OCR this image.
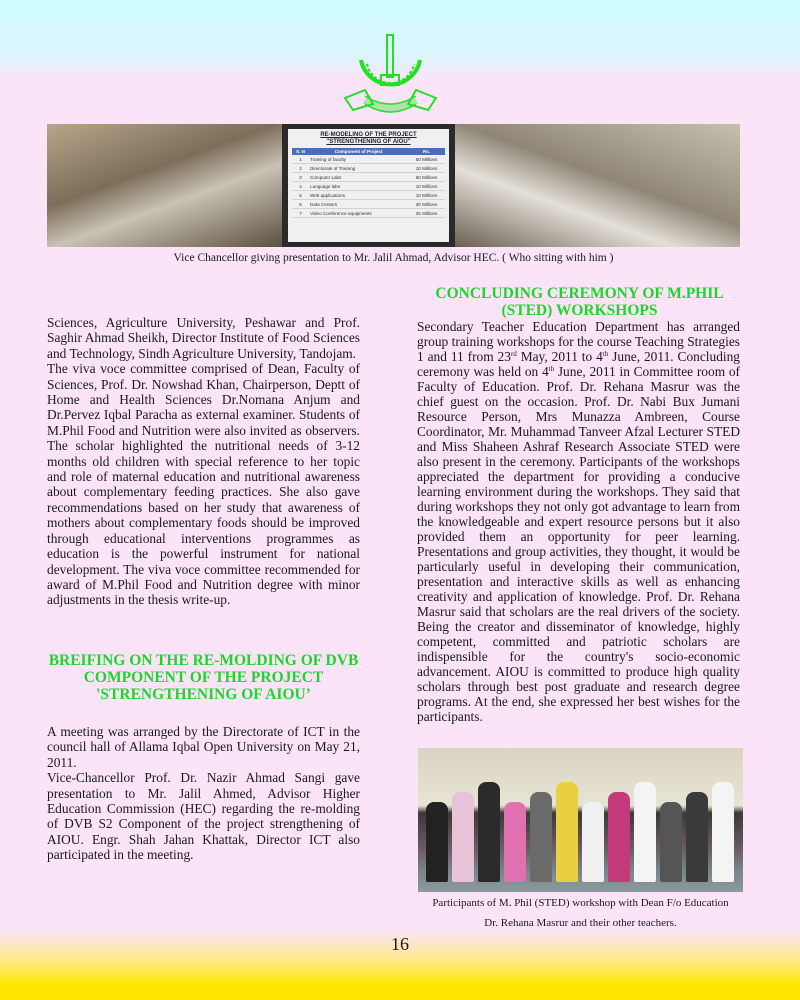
RE-MODELING OF THE PROJECT
"STRENGTHENING OF AIOU"
S. N	Component of Project	Rs.
1	Training of faculty	50 Millions
2	Directorate of Training	10 Millions
3	Computer Labs	60 Millions
4	Language labs	10 Millions
5	Web applications	10 Millions
6	Data Centers	30 Millions
7	Video Conference equipments	25 Millions
Vice Chancellor giving presentation to Mr. Jalil Ahmad, Advisor HEC. ( Who sitting with him )

Sciences, Agriculture University, Peshawar and Prof. Saghir Ahmad Sheikh, Director Institute of Food Sciences and Technology, Sindh Agriculture University, Tandojam.

The viva voce committee comprised of Dean, Faculty of Sciences, Prof. Dr. Nowshad Khan, Chairperson, Deptt of Home and Health Sciences Dr.Nomana Anjum and Dr.Pervez Iqbal Paracha as external examiner. Students of M.Phil Food and Nutrition were also invited as observers. The scholar highlighted the nutritional needs of 3-12 months old children with special reference to her topic and role of maternal education and nutritional awareness about complementary feeding practices. She also gave recommendations based on her study that awareness of mothers about complementary foods should be improved through educational interventions programmes as education is the powerful instrument for national development. The viva voce committee recommended for award of M.Phil Food and Nutrition degree with minor adjustments in the thesis write-up.

BREIFING ON THE RE-MOLDING OF DVB COMPONENT OF THE PROJECT 'STRENGTHENING OF AIOU’

A meeting was arranged by the Directorate of ICT in the council hall of Allama Iqbal Open University on May 21, 2011.

Vice-Chancellor Prof. Dr. Nazir Ahmad Sangi gave presentation to Mr. Jalil Ahmed, Advisor Higher Education Commission (HEC) regarding the re-molding of DVB S2 Component of the project strengthening of AIOU. Engr. Shah Jahan Khattak, Director ICT also participated in the meeting.

CONCLUDING CEREMONY OF M.PHIL (STED) WORKSHOPS

Secondary Teacher Education Department has arranged group training workshops for the course Teaching Strategies 1 and 11 from 23rd May, 2011 to 4th June, 2011. Concluding ceremony was held on 4th June, 2011 in Committee room of Faculty of Education. Prof. Dr. Rehana Masrur was the chief guest on the occasion. Prof. Dr. Nabi Bux Jumani Resource Person, Mrs Munazza Ambreen, Course Coordinator, Mr. Muhammad Tanveer Afzal Lecturer STED and Miss Shaheen Ashraf Research Associate STED were also present in the ceremony. Participants of the workshops appreciated the department for providing a conducive learning environment during the workshops. They said that during workshops they not only got advantage to learn from the knowledgeable and expert resource persons but it also provided them an opportunity for peer learning. Presentations and group activities, they thought, it would be particularly useful in developing their communication, presentation and interactive skills as well as enhancing creativity and application of knowledge. Prof. Dr. Rehana Masrur said that scholars are the real drivers of the society. Being the creator and disseminator of knowledge, highly competent, committed and patriotic scholars are indispensible for the country's socio-economic advancement. AIOU is committed to produce high quality scholars through best post graduate and research degree programs. At the end, she expressed her best wishes for the participants.

Participants of M. Phil (STED) workshop with Dean F/o Education
Dr. Rehana Masrur and their other teachers.
16
